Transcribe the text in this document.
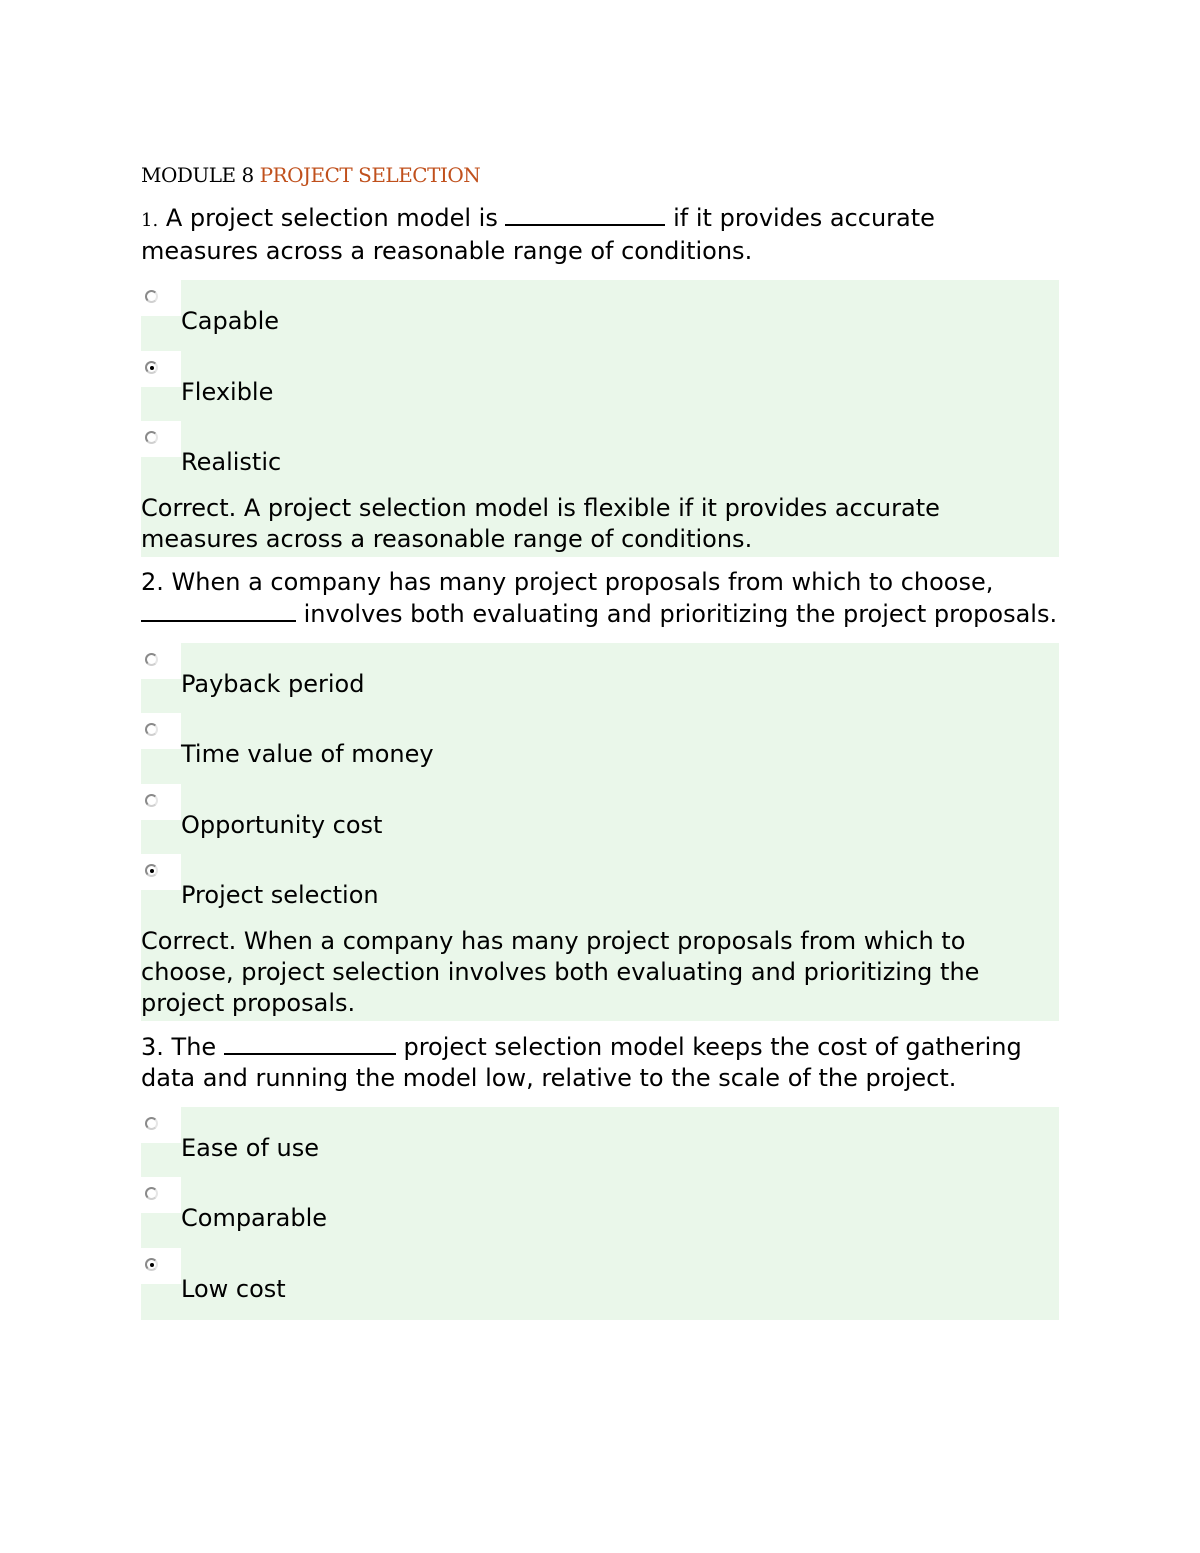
MODULE 8 PROJECT SELECTION

1. A project selection model is	if it provides accurate measures across a reasonable range of conditions.

Capable
Flexible
Realistic
Correct. A project selection model is flexible if it provides accurate measures across a reasonable range of conditions.

2. When a company has many project proposals from which to choose,  involves both evaluating and prioritizing the project proposals.

Payback period
Time value of money
Opportunity cost
Project selection
Correct. When a company has many project proposals from which to choose, project selection involves both evaluating and prioritizing the project proposals.

3. The	project selection model keeps the cost of gathering data and running the model low, relative to the scale of the project.

Ease of use
Comparable
Low cost
